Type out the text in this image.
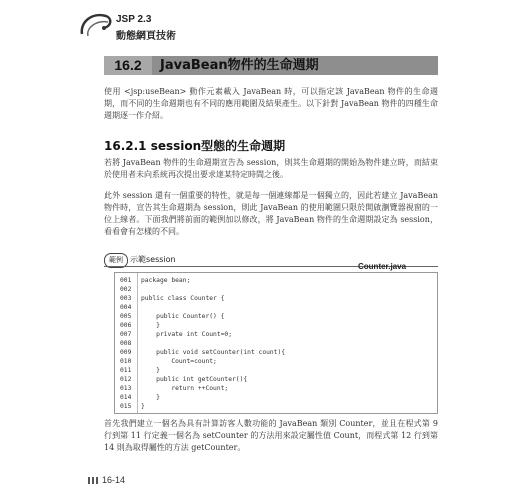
JSP 2.3
動態網頁技術
16.2	JavaBean物件的生命週期
使用 <jsp:useBean> 動作元素載入 JavaBean 時，可以指定該 JavaBean 物件的生命週期，而不同的生命週期也有不同的應用範圍及結果產生。以下針對 JavaBean 物件的四種生命週期逐一作介紹。
16.2.1 session型態的生命週期
若將 JavaBean 物件的生命週期宣告為 session，則其生命週期的開始為物件建立時，而結束於使用者未向系統再次提出要求達某特定時間之後。
此外 session 還有一個重要的特性，就是每一個連線都是一個獨立的，因此若建立 JavaBean 物件時，宣告其生命週期為 session，則此 JavaBean 的使用範圍只限於開啟瀏覽器視窗的一位上線者。下面我們將前面的範例加以修改，將 JavaBean 物件的生命週期設定為 session，看看會有怎樣的不同。
範例 示範session
Counter.java
001 package bean;
002
003 public class Counter {
004
005 public Counter() {
006 }
007 private int Count=0;
008
009 public void setCounter(int count){
010 Count=count;
011 }
012 public int getCounter(){
013 return ++Count;
014 }
015 }
首先我們建立一個名為具有計算訪客人數功能的 JavaBean 類別 Counter，並且在程式第 9 行到第 11 行定義一個名為 setCounter 的方法用來設定屬性值 Count，而程式第 12 行到第 14 則為取得屬性的方法 getCounter。
16-14
